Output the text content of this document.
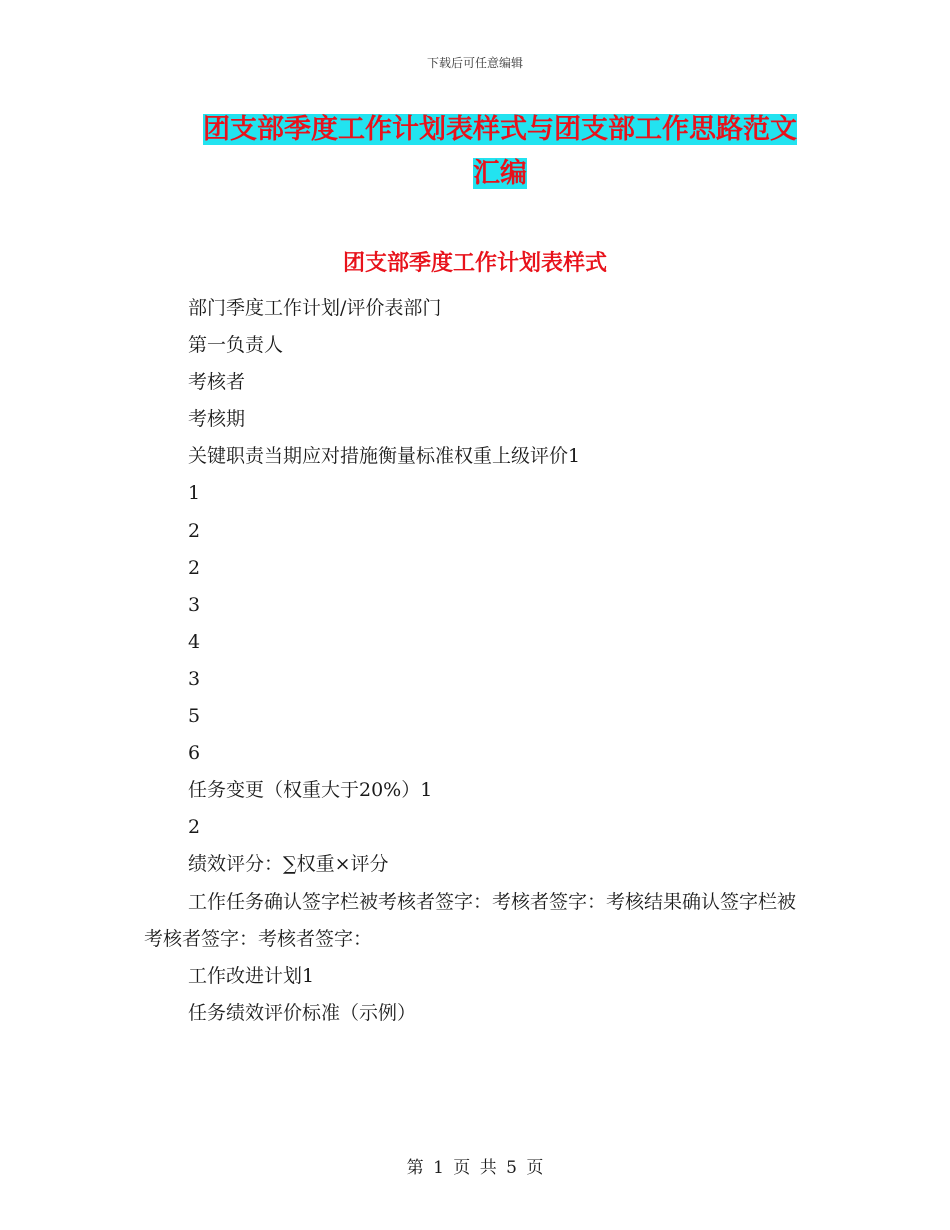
下载后可任意编辑
团支部季度工作计划表样式与团支部工作思路范文汇编
团支部季度工作计划表样式

部门季度工作计划/评价表部门

第一负责人

考核者

考核期

关键职责当期应对措施衡量标准权重上级评价1

1

2

2

3

4

3

5

6

任务变更（权重大于20%）1

2

绩效评分：∑权重×评分

工作任务确认签字栏被考核者签字：考核者签字：考核结果确认签字栏被考核者签字：考核者签字：

工作改进计划1

任务绩效评价标准（示例）

第 1 页 共 5 页
